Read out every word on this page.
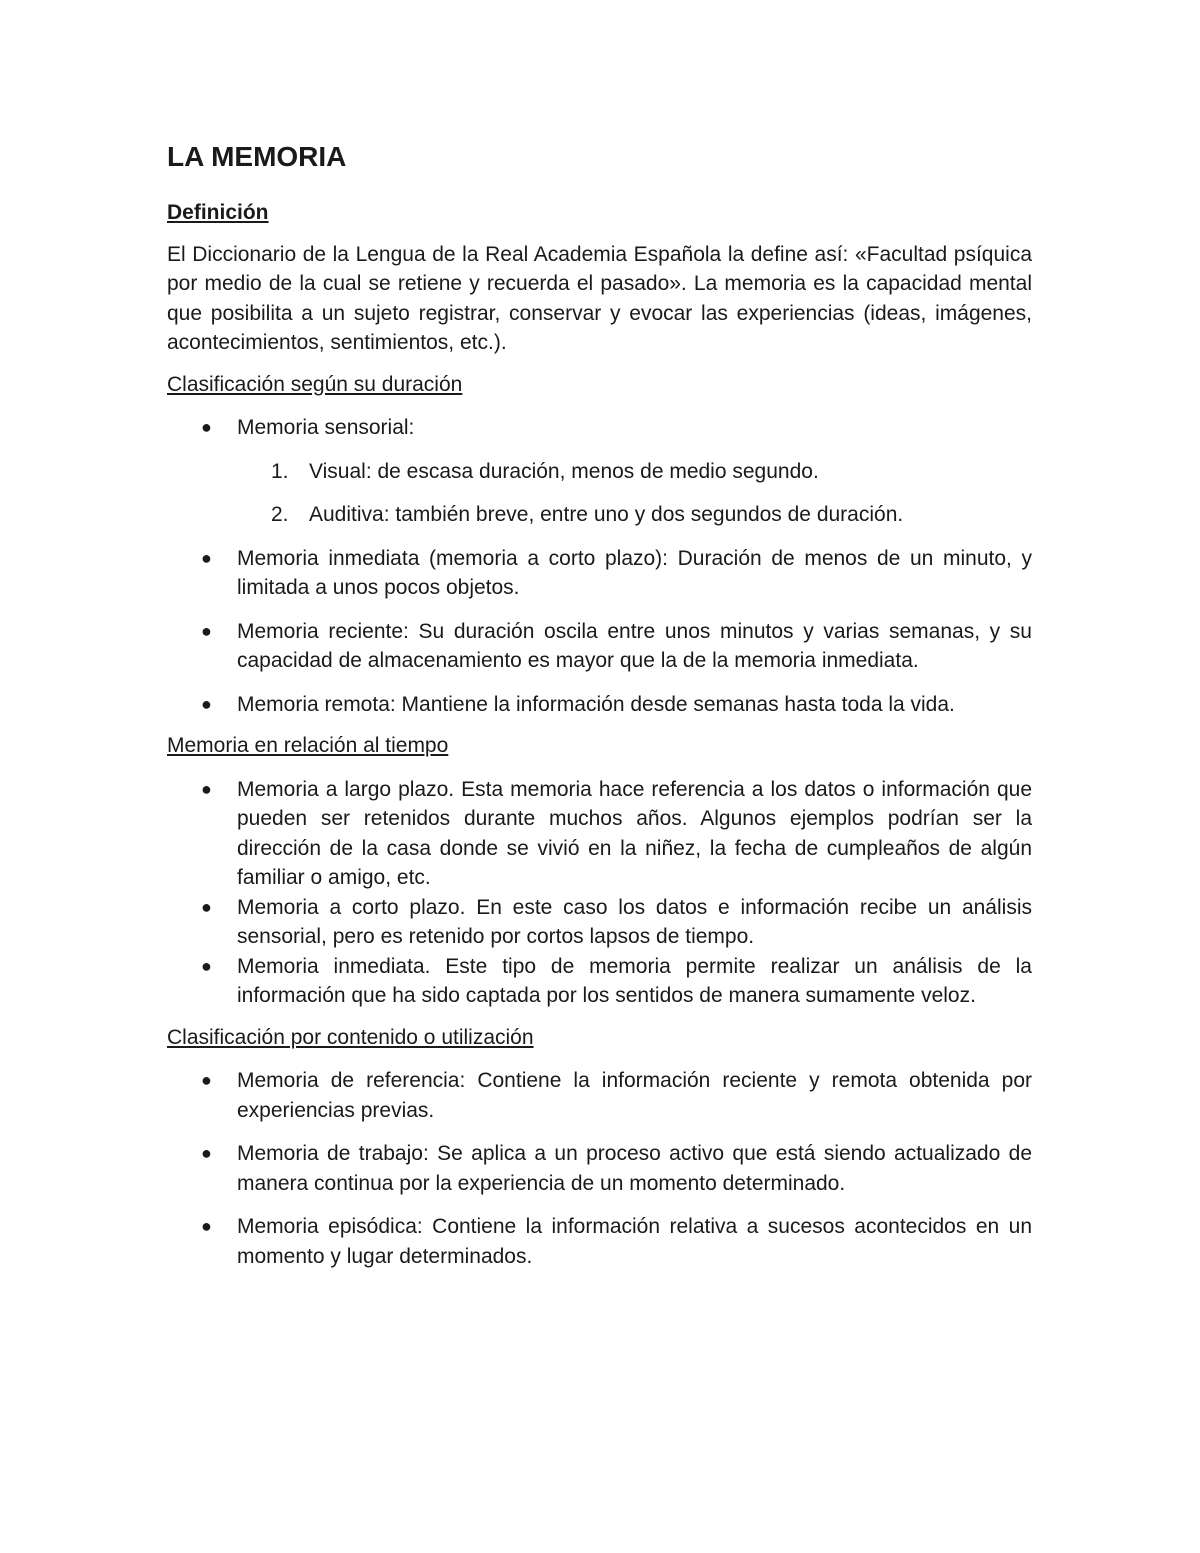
LA MEMORIA
Definición
El Diccionario de la Lengua de la Real Academia Española la define así: «Facultad psíquica por medio de la cual se retiene y recuerda el pasado». La memoria es la capacidad mental que posibilita a un sujeto registrar, conservar y evocar las experiencias (ideas, imágenes, acontecimientos, sentimientos, etc.).
Clasificación según su duración
● Memoria sensorial:
1. Visual: de escasa duración, menos de medio segundo.
2. Auditiva: también breve, entre uno y dos segundos de duración.
● Memoria inmediata (memoria a corto plazo): Duración de menos de un minuto, y limitada a unos pocos objetos.
● Memoria reciente: Su duración oscila entre unos minutos y varias semanas, y su capacidad de almacenamiento es mayor que la de la memoria inmediata.
● Memoria remota: Mantiene la información desde semanas hasta toda la vida.
Memoria en relación al tiempo
● Memoria a largo plazo. Esta memoria hace referencia a los datos o información que pueden ser retenidos durante muchos años. Algunos ejemplos podrían ser la dirección de la casa donde se vivió en la niñez, la fecha de cumpleaños de algún familiar o amigo, etc.
● Memoria a corto plazo. En este caso los datos e información recibe un análisis sensorial, pero es retenido por cortos lapsos de tiempo.
● Memoria inmediata. Este tipo de memoria permite realizar un análisis de la información que ha sido captada por los sentidos de manera sumamente veloz.
Clasificación por contenido o utilización
● Memoria de referencia: Contiene la información reciente y remota obtenida por experiencias previas.
● Memoria de trabajo: Se aplica a un proceso activo que está siendo actualizado de manera continua por la experiencia de un momento determinado.
● Memoria episódica: Contiene la información relativa a sucesos acontecidos en un momento y lugar determinados.
